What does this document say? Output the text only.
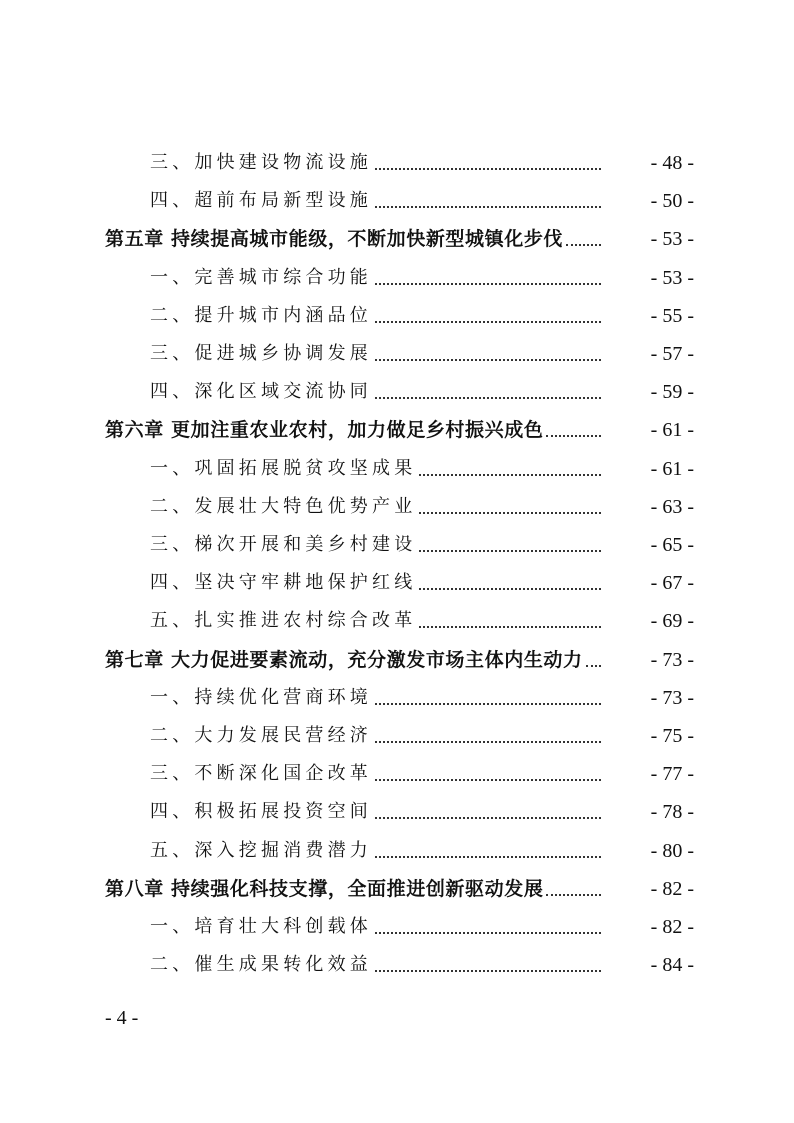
三、加快建设物流设施	- 48 -
四、超前布局新型设施	- 50 -
第五章 持续提高城市能级，不断加快新型城镇化步伐	- 53 -
一、完善城市综合功能	- 53 -
二、提升城市内涵品位	- 55 -
三、促进城乡协调发展	- 57 -
四、深化区域交流协同	- 59 -
第六章 更加注重农业农村，加力做足乡村振兴成色	- 61 -
一、巩固拓展脱贫攻坚成果	- 61 -
二、发展壮大特色优势产业	- 63 -
三、梯次开展和美乡村建设	- 65 -
四、坚决守牢耕地保护红线	- 67 -
五、扎实推进农村综合改革	- 69 -
第七章 大力促进要素流动，充分激发市场主体内生动力	- 73 -
一、持续优化营商环境	- 73 -
二、大力发展民营经济	- 75 -
三、不断深化国企改革	- 77 -
四、积极拓展投资空间	- 78 -
五、深入挖掘消费潜力	- 80 -
第八章 持续强化科技支撑，全面推进创新驱动发展	- 82 -
一、培育壮大科创载体	- 82 -
二、催生成果转化效益	- 84 -
- 4 -
